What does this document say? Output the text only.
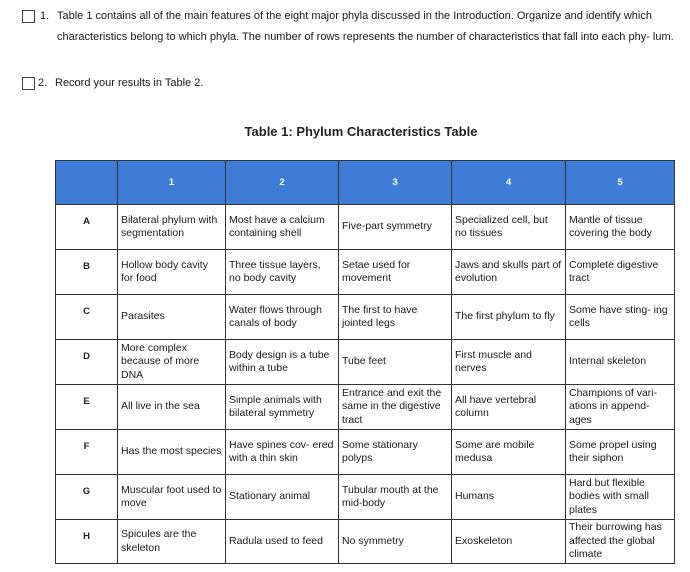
1. Table 1 contains all of the main features of the eight major phyla discussed in the Introduction. Organize and identify which characteristics belong to which phyla. The number of rows represents the number of characteristics that fall into each phy- lum.
2. Record your results in Table 2.
Table 1: Phylum Characteristics Table
	1	2	3	4	5
A	Bilateral phylum with segmentation	Most have a calcium containing shell	Five-part symmetry	Specialized cell, but no tissues	Mantle of tissue covering the body
B	Hollow body cavity for food	Three tissue layers, no body cavity	Setae used for movement	Jaws and skulls part of evolution	Complete digestive tract
C	Parasites	Water flows through canals of body	The first to have jointed legs	The first phylum to fly	Some have sting- ing cells
D	More complex because of more DNA	Body design is a tube within a tube	Tube feet	First muscle and nerves	Internal skeleton
E	All live in the sea	Simple animals with bilateral symmetry	Entrance and exit the same in the digestive tract	All have vertebral column	Champions of vari- ations in append- ages
F	Has the most species	Have spines cov- ered with a thin skin	Some stationary polyps	Some are mobile medusa	Some propel using their siphon
G	Muscular foot used to move	Stationary animal	Tubular mouth at the mid-body	Humans	Hard but flexible bodies with small plates
H	Spicules are the skeleton	Radula used to feed	No symmetry	Exoskeleton	Their burrowing has affected the global climate
